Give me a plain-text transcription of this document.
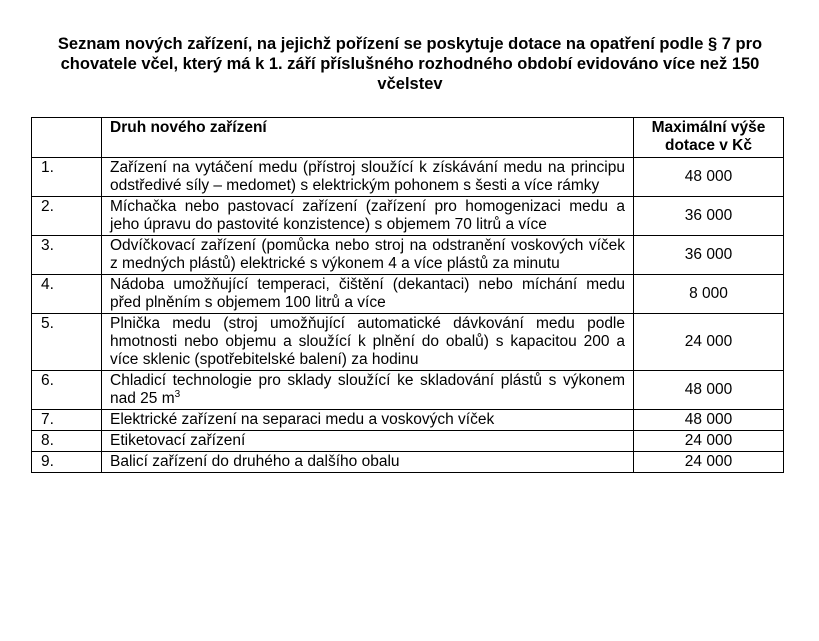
Seznam nových zařízení, na jejichž pořízení se poskytuje dotace na opatření podle § 7 pro chovatele včel, který má k 1. září příslušného rozhodného období evidováno více než 150 včelstev
	Druh nového zařízení	Maximální výše dotace v Kč
1.	Zařízení na vytáčení medu (přístroj sloužící k získávání medu na principu odstředivé síly – medomet) s elektrickým pohonem s šesti a více rámky	48 000
2.	Míchačka nebo pastovací zařízení (zařízení pro homogenizaci medu a jeho úpravu do pastovité konzistence) s objemem 70 litrů a více	36 000
3.	Odvíčkovací zařízení (pomůcka nebo stroj na odstranění voskových víček z medných plástů) elektrické s výkonem 4 a více plástů za minutu	36 000
4.	Nádoba umožňující temperaci, čištění (dekantaci) nebo míchání medu před plněním s objemem 100 litrů a více	8 000
5.	Plnička medu (stroj umožňující automatické dávkování medu podle hmotnosti nebo objemu a sloužící k plnění do obalů) s kapacitou 200 a více sklenic (spotřebitelské balení) za hodinu	24 000
6.	Chladicí technologie pro sklady sloužící ke skladování plástů s výkonem nad 25 $m^3$	48 000
7.	Elektrické zařízení na separaci medu a voskových víček	48 000
8.	Etiketovací zařízení	24 000
9.	Balicí zařízení do druhého a dalšího obalu	24 000
